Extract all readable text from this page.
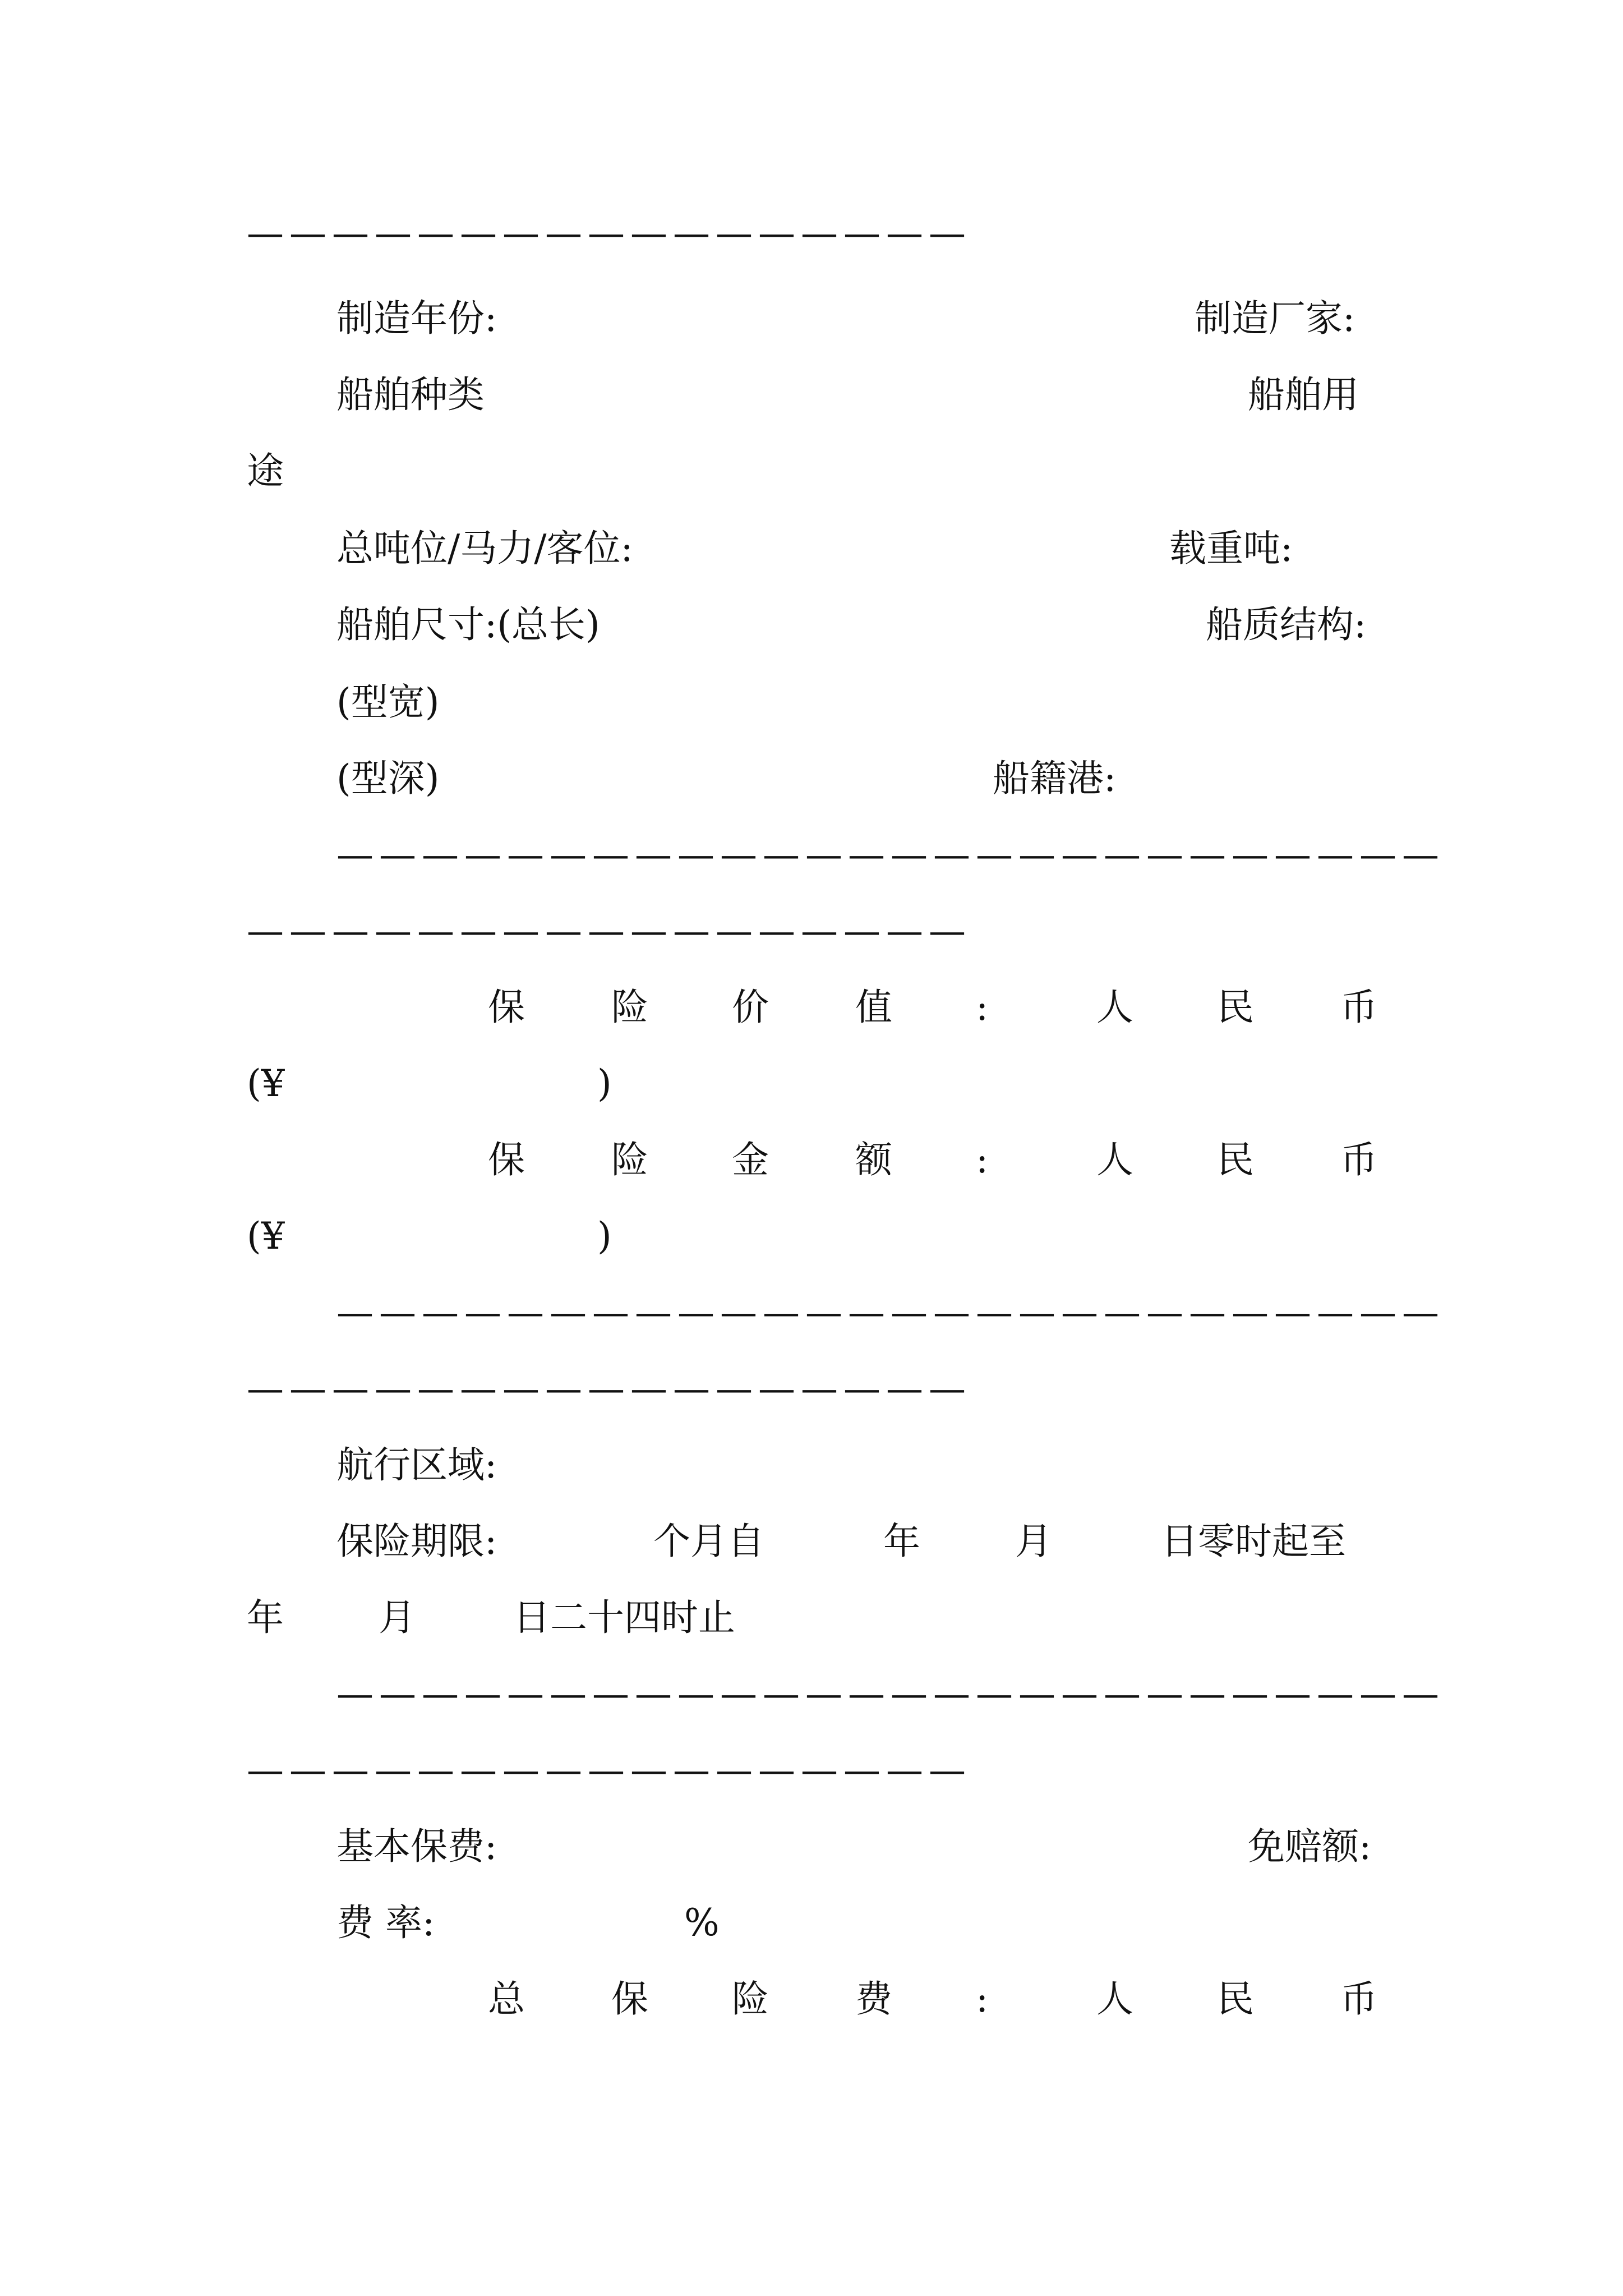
—————————————————
制造年份:	制造厂家:
船舶种类	船舶用
途
总吨位/马力/客位:	载重吨:
船舶尺寸:(总长)	船质结构:
(型宽)
(型深)	船籍港:
——————————————————————————
—————————————————
保 险 价 值 :	人 民 币
(¥	)
保 险 金 额 :	人 民 币
(¥	)
——————————————————————————
—————————————————
航行区域:
保险期限:	个月自	年	月	日零时起至
年	月	日二十四时止
——————————————————————————
—————————————————
基本保费:	免赔额:
费 率:	%
总 保 险 费 :	人 民 币
